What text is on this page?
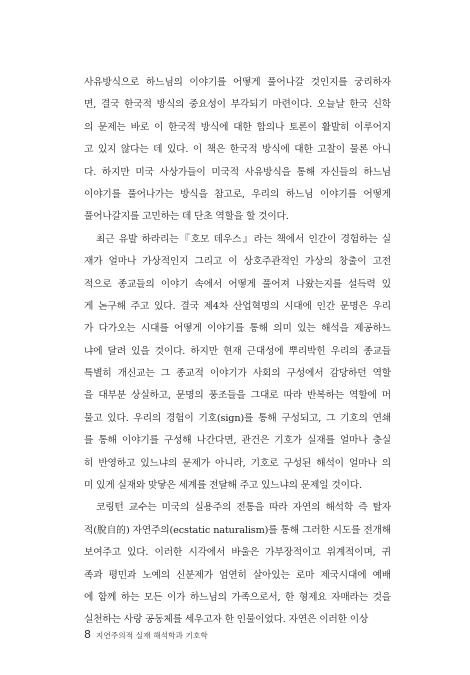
사유방식으로 하느님의 이야기를 어떻게 풀어나갈 것인지를 궁리하자
면, 결국 한국적 방식의 중요성이 부각되기 마련이다. 오늘날 한국 신학
의 문제는 바로 이 한국적 방식에 대한 합의나 토론이 활발히 이루어지
고 있지 않다는 데 있다. 이 책은 한국적 방식에 대한 고찰이 물론 아니
다. 하지만 미국 사상가들이 미국적 사유방식을 통해 자신들의 하느님
이야기를 풀어나가는 방식을 참고로, 우리의 하느님 이야기를 어떻게
풀어나갈지를 고민하는 데 단초 역할을 할 것이다.
최근 유발 하라리는『호모 데우스』라는 책에서 인간이 경험하는 실
재가 얼마나 가상적인지 그리고 이 상호주관적인 가상의 창출이 고전
적으로 종교들의 이야기 속에서 어떻게 풀어져 나왔는지를 설득력 있
게 논구해 주고 있다. 결국 제4차 산업혁명의 시대에 인간 문명은 우리
가 다가오는 시대를 어떻게 이야기를 통해 의미 있는 해석을 제공하느
냐에 달려 있을 것이다. 하지만 현재 근대성에 뿌리박힌 우리의 종교들
특별히 개신교는 그 종교적 이야기가 사회의 구성에서 감당하던 역할
을 대부분 상실하고, 문명의 풍조들을 그대로 따라 반복하는 역할에 머
물고 있다. 우리의 경험이 기호(sign)를 통해 구성되고, 그 기호의 연쇄
를 통해 이야기를 구성해 나간다면, 관건은 기호가 실재를 얼마나 충실
히 반영하고 있느냐의 문제가 아니라, 기호로 구성된 해석이 얼마나 의
미 있게 실재와 맞닿은 세계를 전달해 주고 있느냐의 문제일 것이다.
코링턴 교수는 미국의 실용주의 전통을 따라 자연의 해석학 즉 탈자
적(脫自的) 자연주의(ecstatic naturalism)를 통해 그러한 시도를 전개해
보여주고 있다. 이러한 시각에서 바울은 가부장적이고 위계적이며, 귀
족과 평민과 노예의 신분제가 엄연히 살아있는 로마 제국시대에 예배
에 함께 하는 모든 이가 하느님의 가족으로서, 한 형제요 자매라는 것을
실천하는 사랑 공동체를 세우고자 한 인물이었다. 자연은 이러한 이상
8 지연주의적 실재 해석학과 기호학
